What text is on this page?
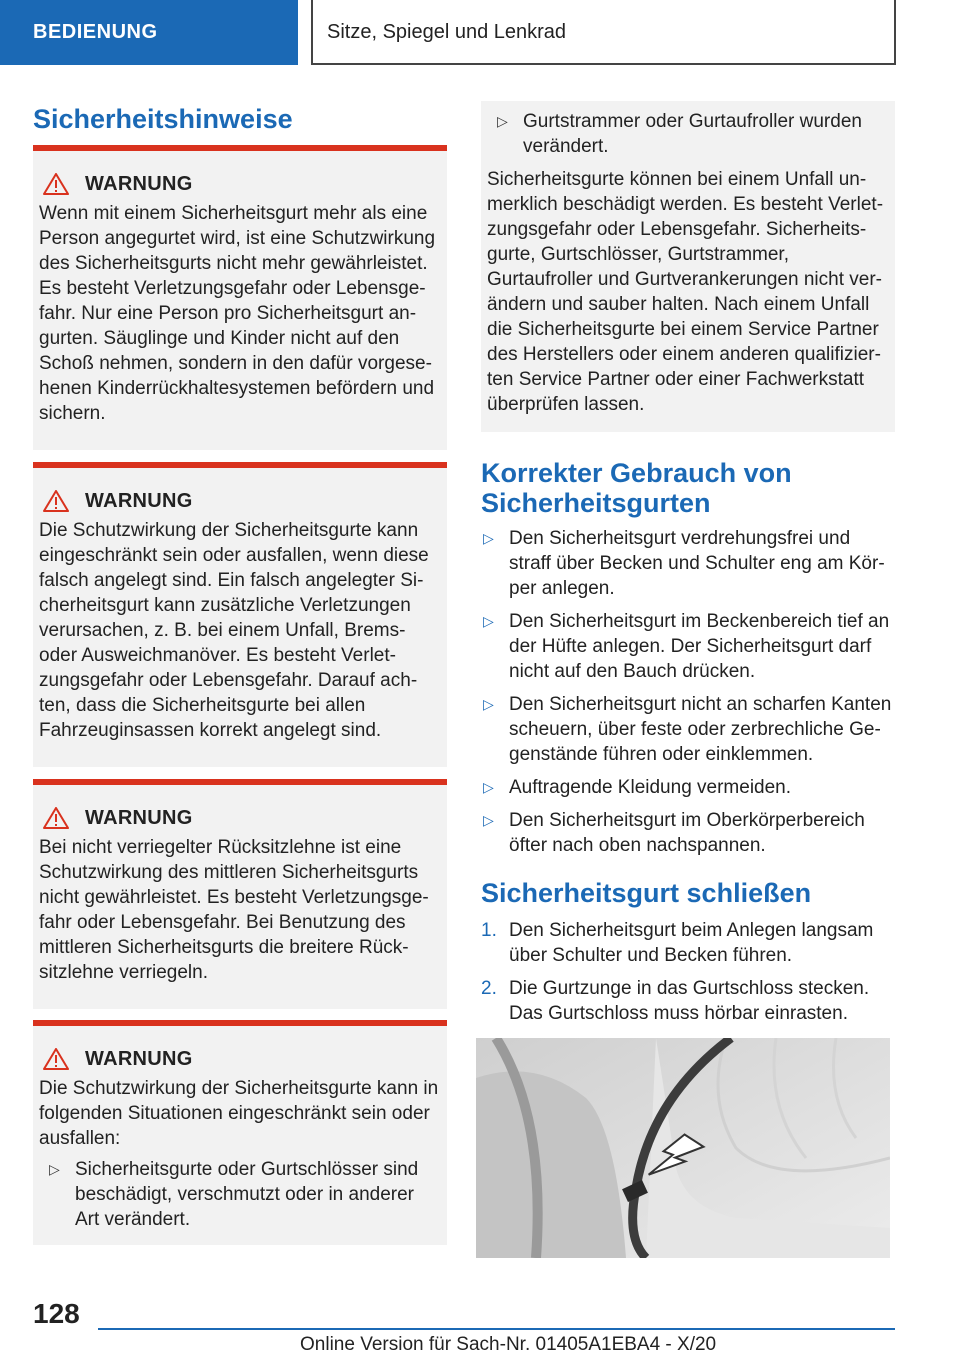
BEDIENUNG	Sitze, Spiegel und Lenkrad
Sicherheitshinweise
WARNUNG

Wenn mit einem Sicherheitsgurt mehr als eine Person angegurtet wird, ist eine Schutzwirkung des Sicherheitsgurts nicht mehr gewährleistet. Es besteht Verletzungsgefahr oder Lebensgefahr. Nur eine Person pro Sicherheitsgurt angurten. Säuglinge und Kinder nicht auf den Schoß nehmen, sondern in den dafür vorgesehenen Kinderrückhaltesystemen befördern und sichern.

WARNUNG

Die Schutzwirkung der Sicherheitsgurte kann eingeschränkt sein oder ausfallen, wenn diese falsch angelegt sind. Ein falsch angelegter Sicherheitsgurt kann zusätzliche Verletzungen verursachen, z. B. bei einem Unfall, Brems- oder Ausweichmanöver. Es besteht Verletzungsgefahr oder Lebensgefahr. Darauf achten, dass die Sicherheitsgurte bei allen Fahrzeuginsassen korrekt angelegt sind.

WARNUNG

Bei nicht verriegelter Rücksitzlehne ist eine Schutzwirkung des mittleren Sicherheitsgurts nicht gewährleistet. Es besteht Verletzungsgefahr oder Lebensgefahr. Bei Benutzung des mittleren Sicherheitsgurts die breitere Rücksitzlehne verriegeln.

WARNUNG

Die Schutzwirkung der Sicherheitsgurte kann in folgenden Situationen eingeschränkt sein oder ausfallen:

▷ Sicherheitsgurte oder Gurtschlösser sind beschädigt, verschmutzt oder in anderer Art verändert.
▷ Gurtstrammer oder Gurtaufroller wurden verändert.

Sicherheitsgurte können bei einem Unfall unmerklich beschädigt werden. Es besteht Verletzungsgefahr oder Lebensgefahr. Sicherheitsgurte, Gurtschlösser, Gurtstrammer, Gurtaufroller und Gurtverankerungen nicht verändern und sauber halten. Nach einem Unfall die Sicherheitsgurte bei einem Service Partner des Herstellers oder einem anderen qualifizierten Service Partner oder einer Fachwerkstatt überprüfen lassen.

Korrekter Gebrauch von Sicherheitsgurten
▷ Den Sicherheitsgurt verdrehungsfrei und straff über Becken und Schulter eng am Körper anlegen.
▷ Den Sicherheitsgurt im Beckenbereich tief an der Hüfte anlegen. Der Sicherheitsgurt darf nicht auf den Bauch drücken.
▷ Den Sicherheitsgurt nicht an scharfen Kanten scheuern, über feste oder zerbrechliche Gegenstände führen oder einklemmen.
▷ Auftragende Kleidung vermeiden.
▷ Den Sicherheitsgurt im Oberkörperbereich öfter nach oben nachspannen.
Sicherheitsgurt schließen
1. Den Sicherheitsgurt beim Anlegen langsam über Schulter und Becken führen.
2. Die Gurtzunge in das Gurtschloss stecken. Das Gurtschloss muss hörbar einrasten.
128
Online Version für Sach-Nr. 01405A1EBA4 - X/20
